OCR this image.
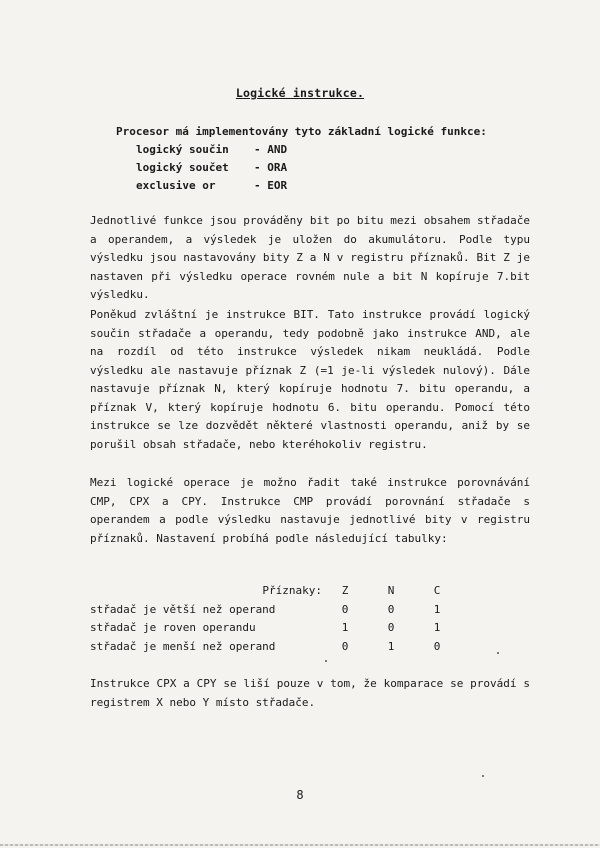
Logické instrukce.
Procesor má implementovány tyto základní logické funkce:
logický součin	- AND
logický součet	- ORA
exclusive or	- EOR
Jednotlivé funkce jsou prováděny bit po bitu mezi obsahem střadače a operandem, a výsledek je uložen do akumulátoru. Podle typu výsledku jsou nastavovány bity Z a N v registru příznaků. Bit Z je nastaven při výsledku operace rovném nule a bit N kopíruje 7.bit výsledku.
Poněkud zvláštní je instrukce BIT. Tato instrukce provádí logický součin střadače a operandu, tedy podobně jako instrukce AND, ale na rozdíl od této instrukce výsledek nikam neukládá. Podle výsledku ale nastavuje příznak Z (=1 je-li výsledek nulový). Dále nastavuje příznak N, který kopíruje hodnotu 7. bitu operandu, a příznak V, který kopíruje hodnotu 6. bitu operandu. Pomocí této instrukce se lze dozvědět některé vlastnosti operandu, aniž by se porušil obsah střadače, nebo kteréhokoliv registru.
Mezi logické operace je možno řadit také instrukce porovnávání CMP, CPX a CPY. Instrukce CMP provádí porovnání střadače s operandem a podle výsledku nastavuje jednotlivé bity v registru příznaků. Nastavení probíhá podle následující tabulky:
Příznaky:	Z	N	C
střadač je větší než operand	0	0	1
střadač je roven operandu	1	0	1
střadač je menší než operand	0	1	0
Instrukce CPX a CPY se liší pouze v tom, že komparace se provádí s registrem X nebo Y místo střadače.
8
